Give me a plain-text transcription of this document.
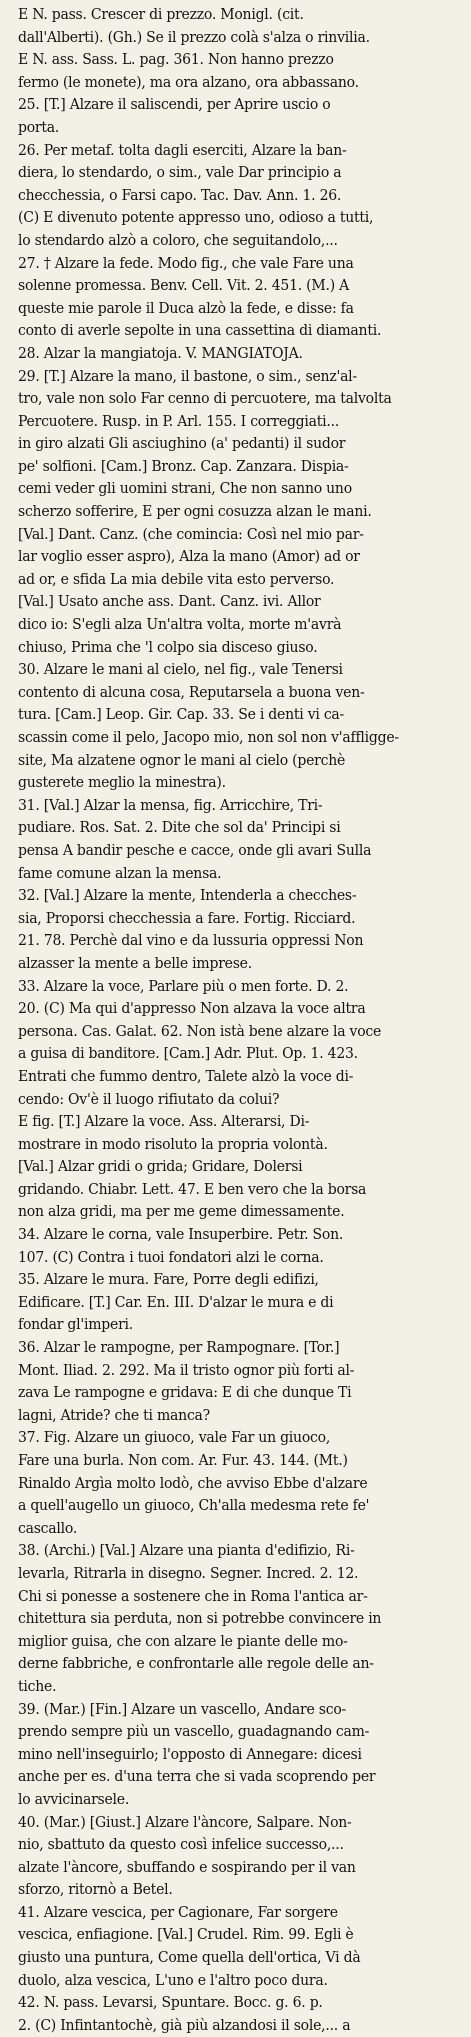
E N. pass. Crescer di prezzo. Monigl. (cit.
dall'Alberti). (Gh.) Se il prezzo colà s'alza o rinvilia.
E N. ass. Sass. L. pag. 361. Non hanno prezzo
fermo (le monete), ma ora alzano, ora abbassano.
25. [T.] Alzare il saliscendi, per Aprire uscio o
porta.
26. Per metaf. tolta dagli eserciti, Alzare la ban-
diera, lo stendardo, o sim., vale Dar principio a
checchessia, o Farsi capo. Tac. Dav. Ann. 1. 26.
(C) E divenuto potente appresso uno, odioso a tutti,
lo stendardo alzò a coloro, che seguitandolo,...
27. † Alzare la fede. Modo fig., che vale Fare una
solenne promessa. Benv. Cell. Vit. 2. 451. (M.) A
queste mie parole il Duca alzò la fede, e disse: fa
conto di averle sepolte in una cassettina di diamanti.
28. Alzar la mangiatoja. V. MANGIATOJA.
29. [T.] Alzare la mano, il bastone, o sim., senz'al-
tro, vale non solo Far cenno di percuotere, ma talvolta
Percuotere. Rusp. in P. Arl. 155. I correggiati...
in giro alzati Gli asciughino (a' pedanti) il sudor
pe' solfioni. [Cam.] Bronz. Cap. Zanzara. Dispia-
cemi veder gli uomini strani, Che non sanno uno
scherzo sofferire, E per ogni cosuzza alzan le mani.
[Val.] Dant. Canz. (che comincia: Così nel mio par-
lar voglio esser aspro), Alza la mano (Amor) ad or
ad or, e sfida La mia debile vita esto perverso.
[Val.] Usato anche ass. Dant. Canz. ivi. Allor
dico io: S'egli alza Un'altra volta, morte m'avrà
chiuso, Prima che 'l colpo sia disceso giuso.
30. Alzare le mani al cielo, nel fig., vale Tenersi
contento di alcuna cosa, Reputarsela a buona ven-
tura. [Cam.] Leop. Gir. Cap. 33. Se i denti vi ca-
scassin come il pelo, Jacopo mio, non sol non v'affligge-
site, Ma alzatene ognor le mani al cielo (perchè
gusterete meglio la minestra).
31. [Val.] Alzar la mensa, fig. Arricchire, Tri-
pudiare. Ros. Sat. 2. Dite che sol da' Principi si
pensa A bandir pesche e cacce, onde gli avari Sulla
fame comune alzan la mensa.
32. [Val.] Alzare la mente, Intenderla a checches-
sia, Proporsi checchessia a fare. Fortig. Ricciard.
21. 78. Perchè dal vino e da lussuria oppressi Non
alzasser la mente a belle imprese.
33. Alzare la voce, Parlare più o men forte. D. 2.
20. (C) Ma qui d'appresso Non alzava la voce altra
persona. Cas. Galat. 62. Non istà bene alzare la voce
a guisa di banditore. [Cam.] Adr. Plut. Op. 1. 423.
Entrati che fummo dentro, Talete alzò la voce di-
cendo: Ov'è il luogo rifiutato da colui?
E fig. [T.] Alzare la voce. Ass. Alterarsi, Di-
mostrare in modo risoluto la propria volontà.
[Val.] Alzar gridi o grida; Gridare, Dolersi
gridando. Chiabr. Lett. 47. E ben vero che la borsa
non alza gridi, ma per me geme dimessamente.
34. Alzare le corna, vale Insuperbire. Petr. Son.
107. (C) Contra i tuoi fondatori alzi le corna.
35. Alzare le mura. Fare, Porre degli edifizi,
Edificare. [T.] Car. En. III. D'alzar le mura e di
fondar gl'imperi.
36. Alzar le rampogne, per Rampognare. [Tor.]
Mont. Iliad. 2. 292. Ma il tristo ognor più forti al-
zava Le rampogne e gridava: E di che dunque Ti
lagni, Atride? che ti manca?
37. Fig. Alzare un giuoco, vale Far un giuoco,
Fare una burla. Non com. Ar. Fur. 43. 144. (Mt.)
Rinaldo Argìa molto lodò, che avviso Ebbe d'alzare
a quell'augello un giuoco, Ch'alla medesma rete fe'
cascallo.
38. (Archi.) [Val.] Alzare una pianta d'edifizio, Ri-
levarla, Ritrarla in disegno. Segner. Incred. 2. 12.
Chi si ponesse a sostenere che in Roma l'antica ar-
chitettura sia perduta, non si potrebbe convincere in
miglior guisa, che con alzare le piante delle mo-
derne fabbriche, e confrontarle alle regole delle an-
tiche.
39. (Mar.) [Fin.] Alzare un vascello, Andare sco-
prendo sempre più un vascello, guadagnando cam-
mino nell'inseguirlo; l'opposto di Annegare: dicesi
anche per es. d'una terra che si vada scoprendo per
lo avvicinarsele.
40. (Mar.) [Giust.] Alzare l'àncore, Salpare. Non-
nio, sbattuto da questo così infelice successo,...
alzate l'àncore, sbuffando e sospirando per il van
sforzo, ritornò a Betel.
41. Alzare vescica, per Cagionare, Far sorgere
vescica, enfiagione. [Val.] Crudel. Rim. 99. Egli è
giusto una puntura, Come quella dell'ortica, Vi dà
duolo, alza vescica, L'uno e l'altro poco dura.
42. N. pass. Levarsi, Spuntare. Bocc. g. 6. p.
2. (C) Infintantochè, già più alzandosi il sole,... a
